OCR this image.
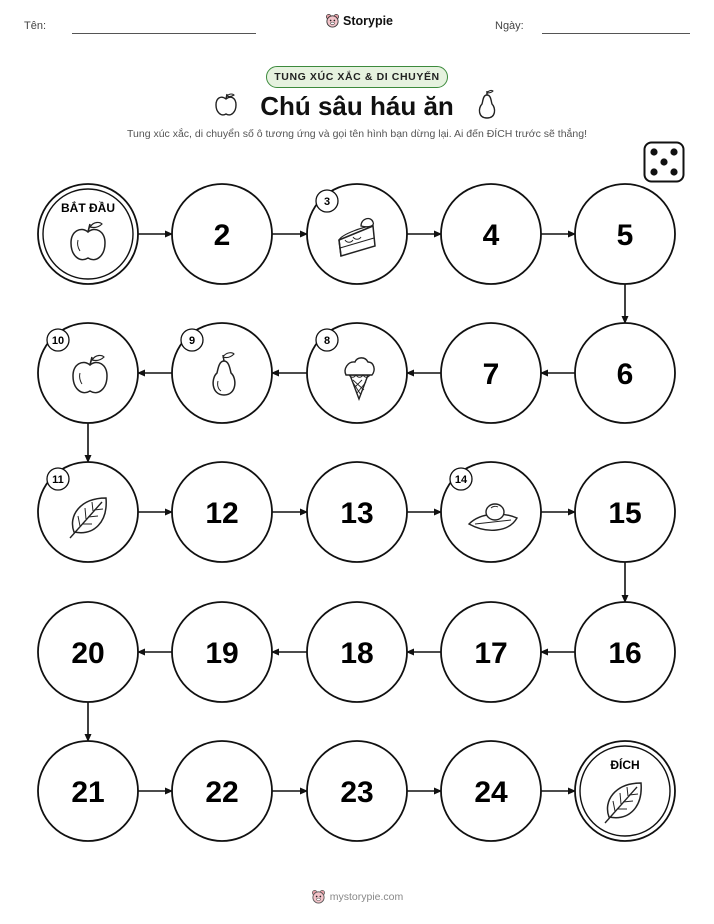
Tên:	Storypie	Ngày:
TUNG XÚC XẮC & DI CHUYỂN
Chú sâu háu ăn
Tung xúc xắc, di chuyển số ô tương ứng và gọi tên hình bạn dừng lại. Ai đến ĐÍCH trước sẽ thắng!
BẮT ĐẦU
2
3
4	5
6
7
8
9
10
11
12	13
14
15
16
17
18
19
20
21	22	23	24
ĐÍCH
mystorypie.com
